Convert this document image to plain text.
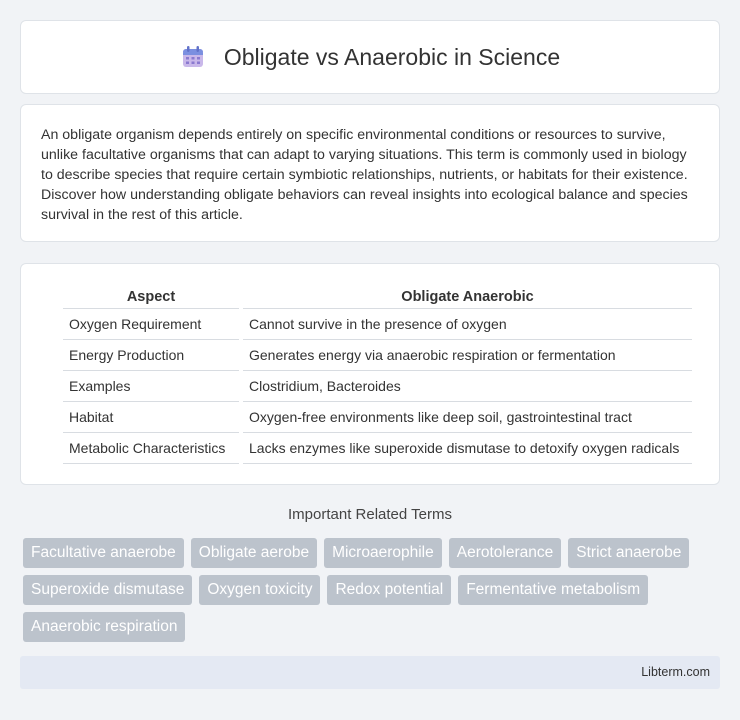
Obligate vs Anaerobic in Science

An obligate organism depends entirely on specific environmental conditions or resources to survive, unlike facultative organisms that can adapt to varying situations. This term is commonly used in biology to describe species that require certain symbiotic relationships, nutrients, or habitats for their existence. Discover how understanding obligate behaviors can reveal insights into ecological balance and species survival in the rest of this article.

Aspect		Obligate Anaerobic
Oxygen Requirement		Cannot survive in the presence of oxygen
Energy Production		Generates energy via anaerobic respiration or fermentation
Examples		Clostridium, Bacteroides
Habitat		Oxygen-free environments like deep soil, gastrointestinal tract
Metabolic Characteristics		Lacks enzymes like superoxide dismutase to detoxify oxygen radicals
Important Related Terms
Facultative anaerobe	Obligate aerobe	Microaerophile	Aerotolerance	Strict anaerobe
Superoxide dismutase	Oxygen toxicity	Redox potential	Fermentative metabolism
Anaerobic respiration
Libterm.com
